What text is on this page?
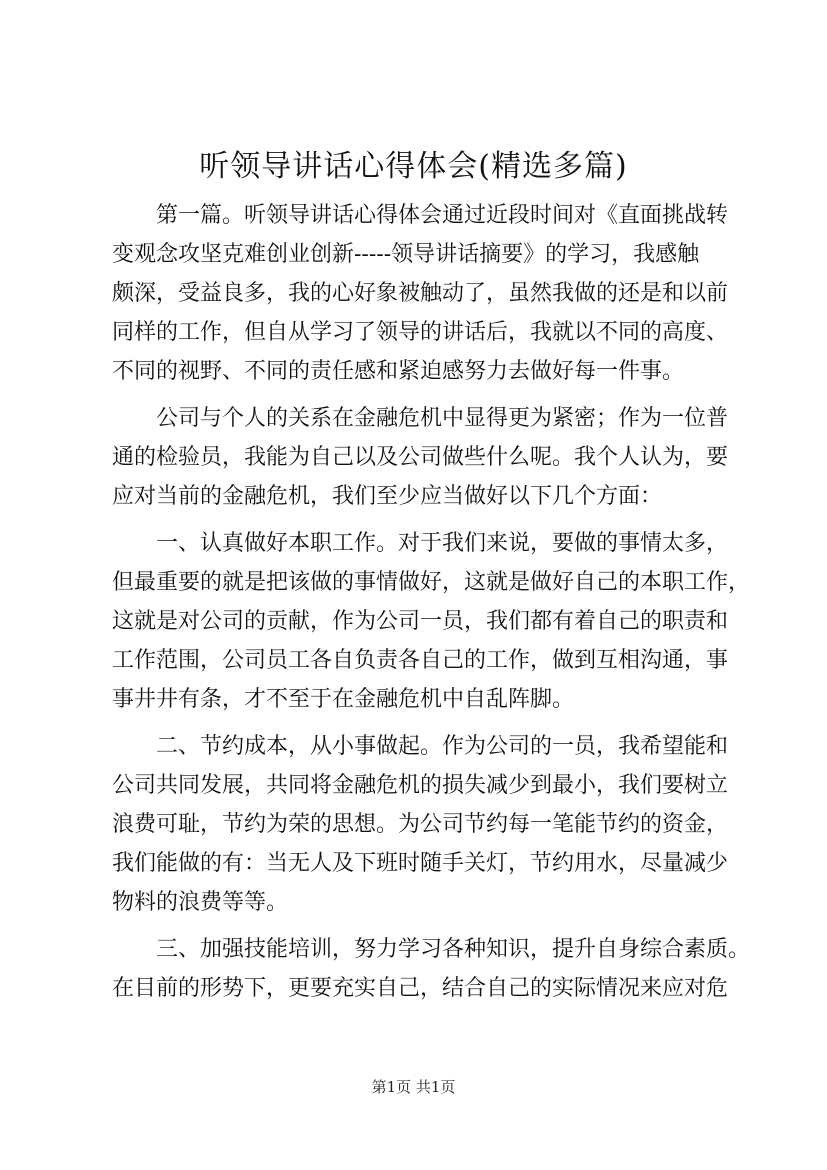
听领导讲话心得体会(精选多篇)
　　第一篇。听领导讲话心得体会通过近段时间对《直面挑战转
变观念攻坚克难创业创新-----领导讲话摘要》的学习，我感触
颇深，受益良多，我的心好象被触动了，虽然我做的还是和以前
同样的工作，但自从学习了领导的讲话后，我就以不同的高度、
不同的视野、不同的责任感和紧迫感努力去做好每一件事。
　　公司与个人的关系在金融危机中显得更为紧密；作为一位普
通的检验员，我能为自己以及公司做些什么呢。我个人认为，要
应对当前的金融危机，我们至少应当做好以下几个方面：
　　一、认真做好本职工作。对于我们来说，要做的事情太多，
但最重要的就是把该做的事情做好，这就是做好自己的本职工作，
这就是对公司的贡献，作为公司一员，我们都有着自己的职责和
工作范围，公司员工各自负责各自己的工作，做到互相沟通，事
事井井有条，才不至于在金融危机中自乱阵脚。
　　二、节约成本，从小事做起。作为公司的一员，我希望能和
公司共同发展，共同将金融危机的损失减少到最小，我们要树立
浪费可耻，节约为荣的思想。为公司节约每一笔能节约的资金，
我们能做的有：当无人及下班时随手关灯，节约用水，尽量减少
物料的浪费等等。
　　三、加强技能培训，努力学习各种知识，提升自身综合素质。
在目前的形势下，更要充实自己，结合自己的实际情况来应对危
第1页 共1页
